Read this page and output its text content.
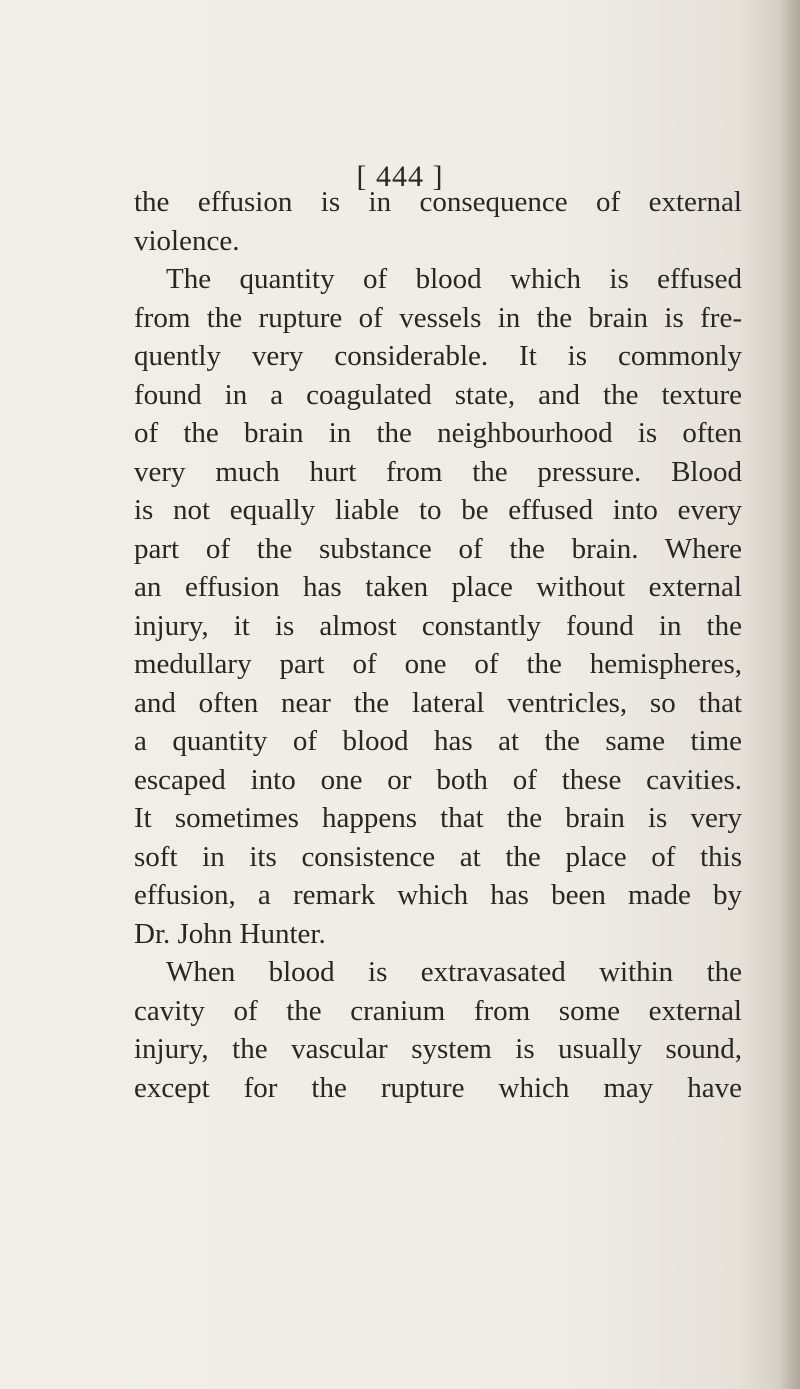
[ 444 ]
the effusion is in consequence of external
violence.
The quantity of blood which is effused
from the rupture of vessels in the brain is fre-
quently very considerable. It is commonly
found in a coagulated state, and the texture
of the brain in the neighbourhood is often
very much hurt from the pressure. Blood
is not equally liable to be effused into every
part of the substance of the brain. Where
an effusion has taken place without external
injury, it is almost constantly found in the
medullary part of one of the hemispheres,
and often near the lateral ventricles, so that
a quantity of blood has at the same time
escaped into one or both of these cavities.
It sometimes happens that the brain is very
soft in its consistence at the place of this
effusion, a remark which has been made by
Dr. John Hunter.
When blood is extravasated within the
cavity of the cranium from some external
injury, the vascular system is usually sound,
except for the rupture which may have
